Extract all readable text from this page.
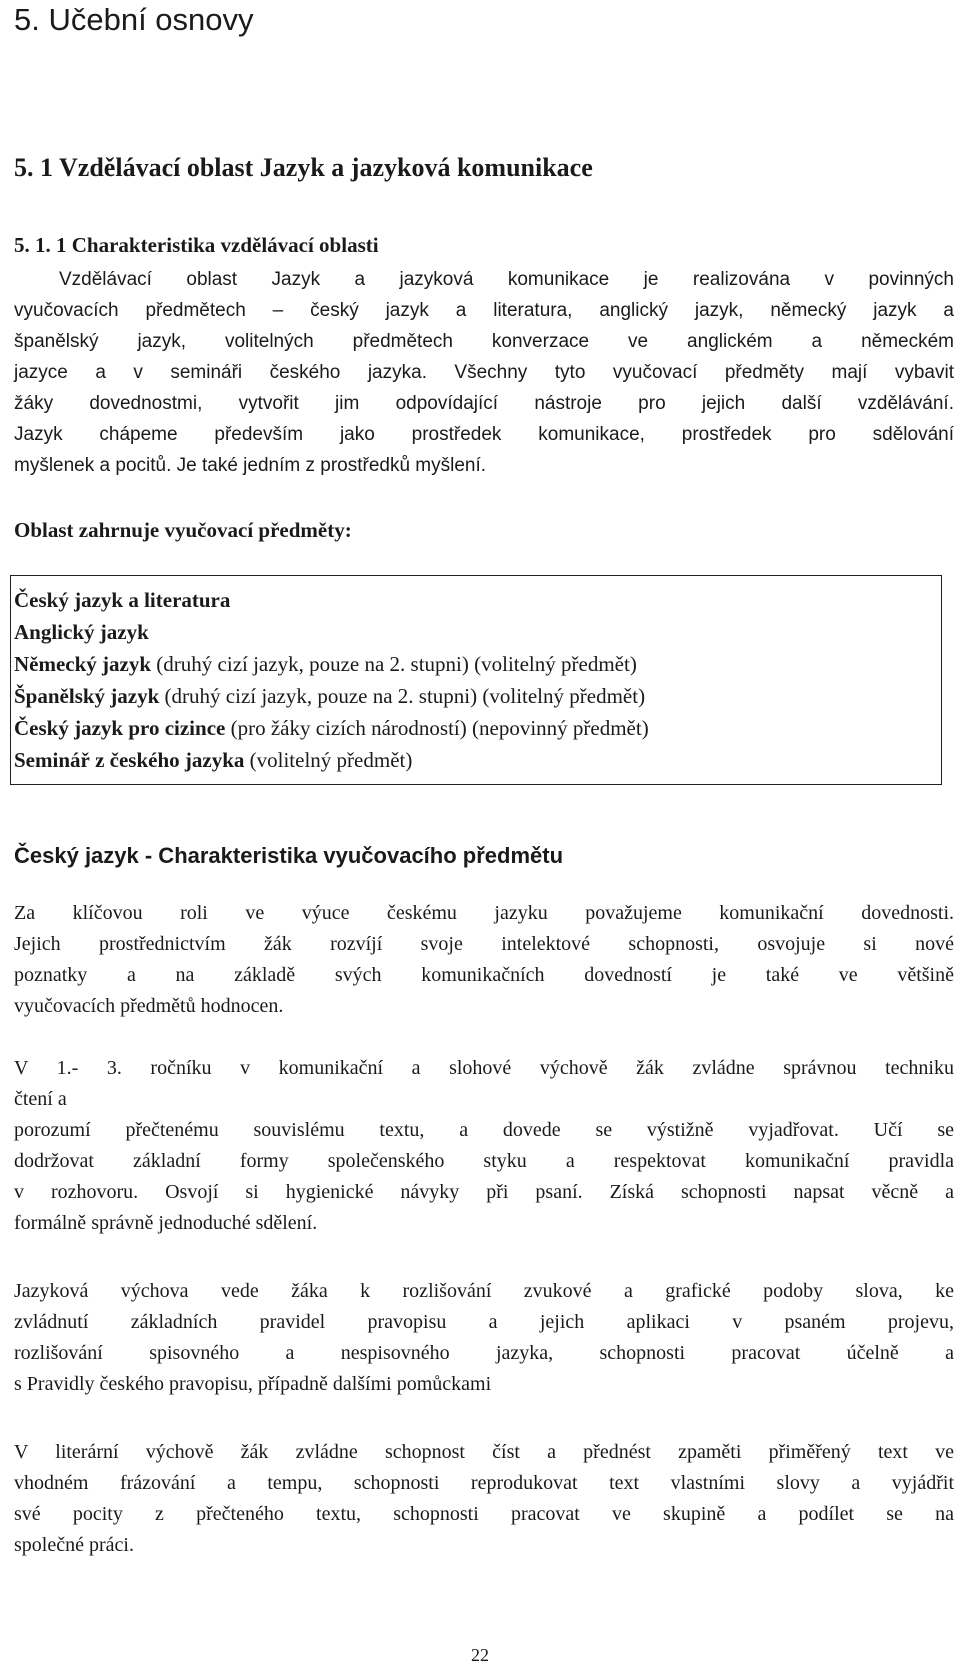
5. Učební osnovy
5. 1 Vzdělávací oblast Jazyk a jazyková komunikace
5. 1. 1 Charakteristika vzdělávací oblasti
Vzdělávací oblast Jazyk a jazyková komunikace je realizována v povinných
vyučovacích předmětech – český jazyk a literatura, anglický jazyk, německý jazyk a
španělský jazyk, volitelných předmětech konverzace ve anglickém a německém
jazyce a v semináři českého jazyka. Všechny tyto vyučovací předměty mají vybavit
žáky dovednostmi, vytvořit jim odpovídající nástroje pro jejich další vzdělávání.
Jazyk chápeme především jako prostředek komunikace, prostředek pro sdělování
myšlenek a pocitů. Je také jedním z prostředků myšlení.
Oblast zahrnuje vyučovací předměty:
Český jazyk a literatura
Anglický jazyk
Německý jazyk (druhý cizí jazyk, pouze na 2. stupni) (volitelný předmět)
Španělský jazyk (druhý cizí jazyk, pouze na 2. stupni) (volitelný předmět)
Český jazyk pro cizince (pro žáky cizích národností) (nepovinný předmět)
Seminář z českého jazyka (volitelný předmět)
Český jazyk - Charakteristika vyučovacího předmětu
Za klíčovou roli ve výuce českému jazyku považujeme komunikační dovednosti.
Jejich prostřednictvím žák rozvíjí svoje intelektové schopnosti, osvojuje si nové
poznatky a na základě svých komunikačních dovedností je také ve většině
vyučovacích předmětů hodnocen.
V 1.- 3. ročníku v komunikační a slohové výchově žák zvládne správnou techniku
čtení a
porozumí přečtenému souvislému textu, a dovede se výstižně vyjadřovat. Učí se
dodržovat základní formy společenského styku a respektovat komunikační pravidla
v rozhovoru. Osvojí si hygienické návyky při psaní. Získá schopnosti napsat věcně a
formálně správně jednoduché sdělení.
Jazyková výchova vede žáka k rozlišování zvukové a grafické podoby slova, ke
zvládnutí základních pravidel pravopisu a jejich aplikaci v psaném projevu,
rozlišování spisovného a nespisovného jazyka, schopnosti pracovat účelně a
s Pravidly českého pravopisu, případně dalšími pomůckami
V literární výchově žák zvládne schopnost číst a přednést zpaměti přiměřený text ve
vhodném frázování a tempu, schopnosti reprodukovat text vlastními slovy a vyjádřit
své pocity z přečteného textu, schopnosti pracovat ve skupině a podílet se na
společné práci.
22
